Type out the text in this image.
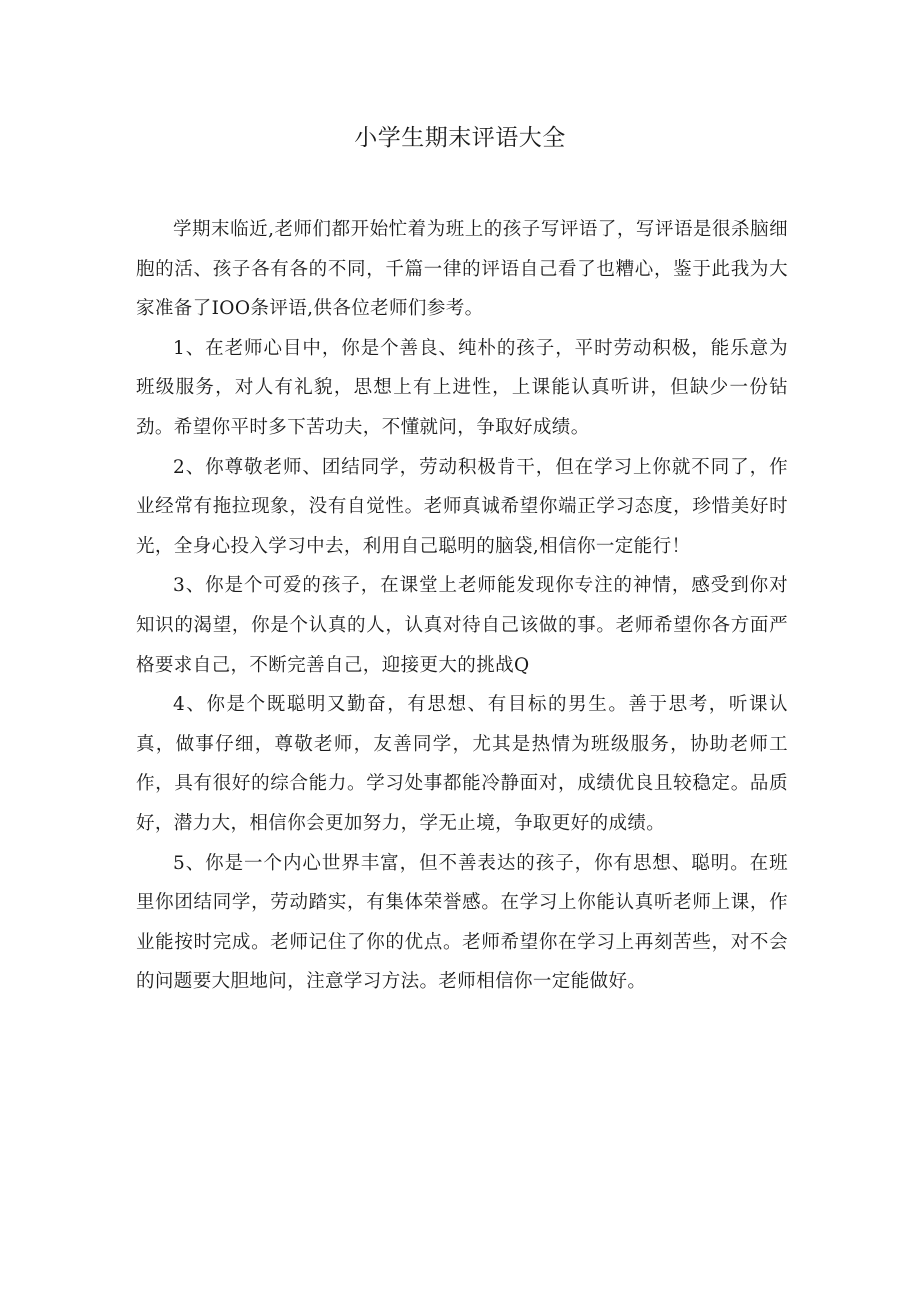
小学生期末评语大全

学期末临近,老师们都开始忙着为班上的孩子写评语了，写评语是很杀脑细胞的活、孩子各有各的不同，千篇一律的评语自己看了也糟心，鉴于此我为大家准备了IOO条评语,供各位老师们参考。

1、在老师心目中，你是个善良、纯朴的孩子，平时劳动积极，能乐意为班级服务，对人有礼貌，思想上有上进性，上课能认真听讲，但缺少一份钻劲。希望你平时多下苦功夫，不懂就问，争取好成绩。

2、你尊敬老师、团结同学，劳动积极肯干，但在学习上你就不同了，作业经常有拖拉现象，没有自觉性。老师真诚希望你端正学习态度，珍惜美好时光，全身心投入学习中去，利用自己聪明的脑袋,相信你一定能行！

3、你是个可爱的孩子，在课堂上老师能发现你专注的神情，感受到你对知识的渴望，你是个认真的人，认真对待自己该做的事。老师希望你各方面严格要求自己，不断完善自己，迎接更大的挑战Q

4、你是个既聪明又勤奋，有思想、有目标的男生。善于思考，听课认真，做事仔细，尊敬老师，友善同学，尤其是热情为班级服务，协助老师工作，具有很好的综合能力。学习处事都能冷静面对，成绩优良且较稳定。品质好，潜力大，相信你会更加努力，学无止境，争取更好的成绩。

5、你是一个内心世界丰富，但不善表达的孩子，你有思想、聪明。在班里你团结同学，劳动踏实，有集体荣誉感。在学习上你能认真听老师上课，作业能按时完成。老师记住了你的优点。老师希望你在学习上再刻苦些，对不会的问题要大胆地问，注意学习方法。老师相信你一定能做好。
